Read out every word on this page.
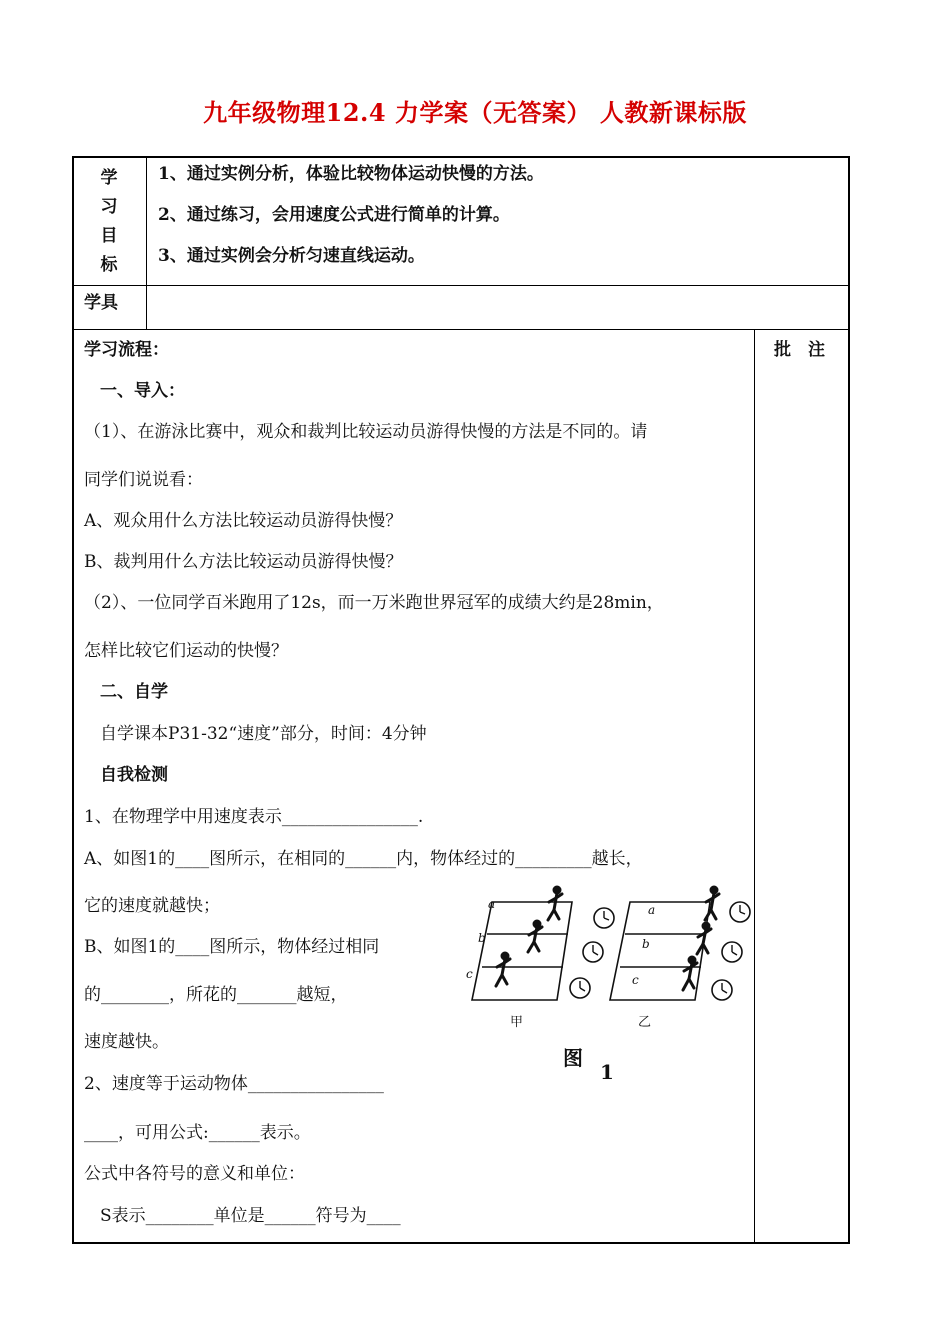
九年级物理12.4 力学案（无答案） 人教新课标版
学
习
目
标
1、通过实例分析，体验比较物体运动快慢的方法。
2、通过练习，会用速度公式进行简单的计算。
3、通过实例会分析匀速直线运动。
学具
学习流程：	批　注
一、导入：
（1）、在游泳比赛中，观众和裁判比较运动员游得快慢的方法是不同的。请
同学们说说看：
A、观众用什么方法比较运动员游得快慢？
B、裁判用什么方法比较运动员游得快慢？
（2）、一位同学百米跑用了12s，而一万米跑世界冠军的成绩大约是28min，
怎样比较它们运动的快慢？
二、自学
自学课本P31-32“速度”部分，时间：4分钟
自我检测
1、在物理学中用速度表示________________.
A、如图1的____图所示，在相同的______内，物体经过的_________越长，
它的速度就越快；
B、如图1的____图所示，物体经过相同
的________，所花的_______越短，
速度越快。
2、速度等于运动物体________________
____，可用公式:______表示。
公式中各符号的意义和单位：
S表示________单位是______符号为____
a
b
c
a
b
c
甲	乙
图
1
